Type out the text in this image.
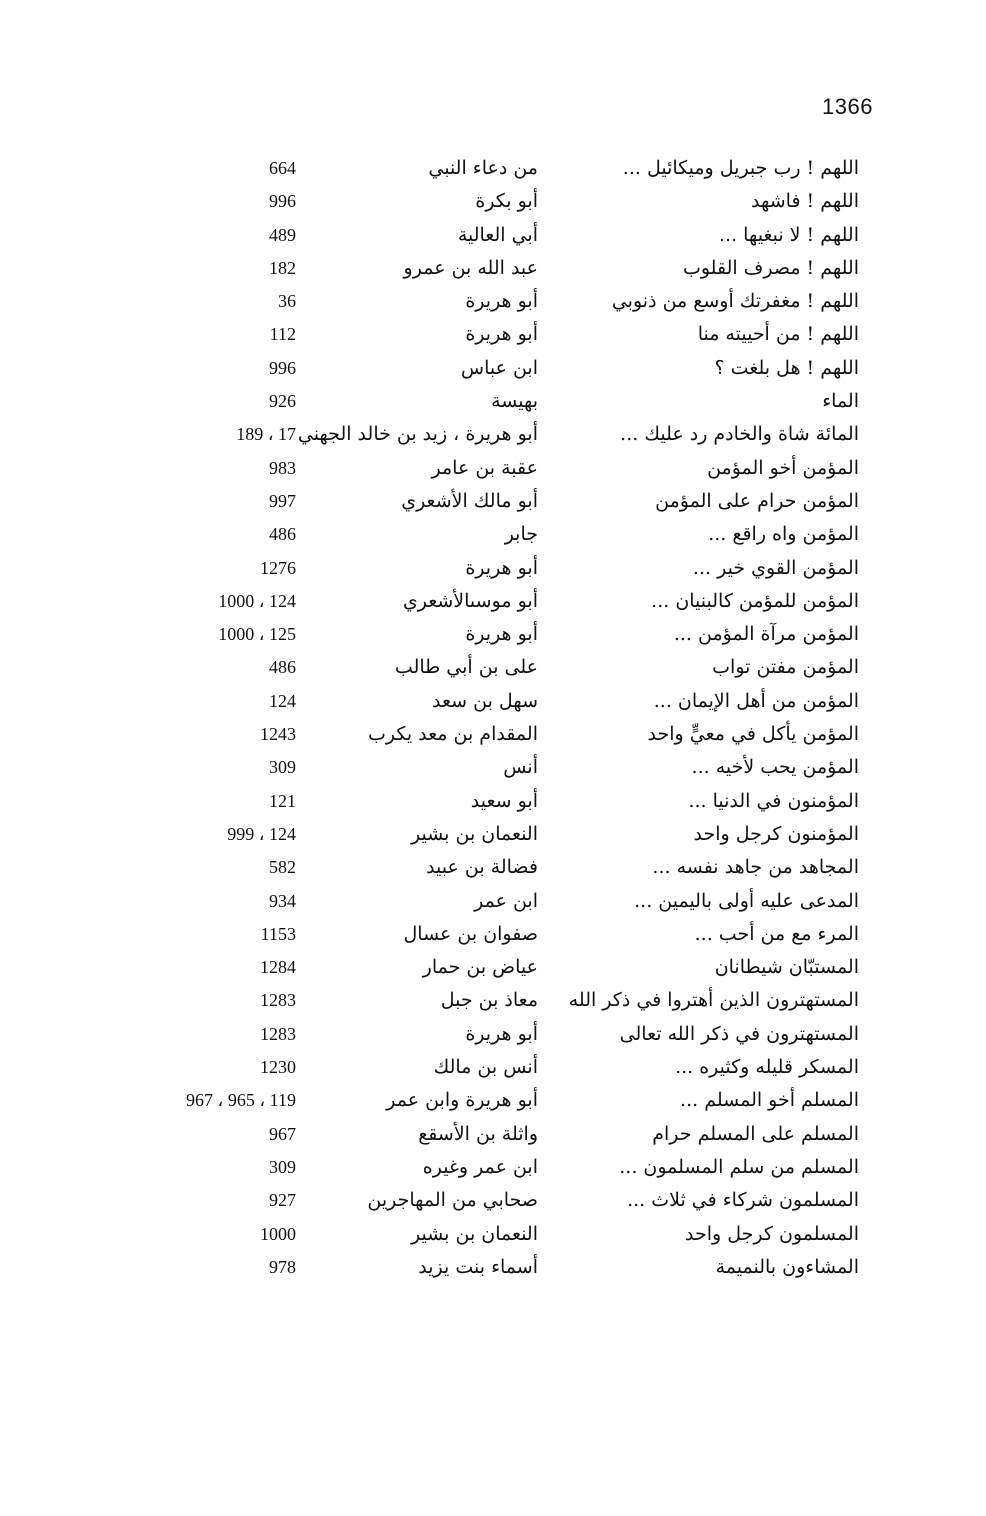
1366
اللهم ! رب جبريل وميكائيل ...
من دعاء النبي
664
اللهم ! فاشهد
أبو بكرة
996
اللهم ! لا نبغيها ...
أبي العالية
489
اللهم ! مصرف القلوب
عبد الله بن عمرو
182
اللهم ! مغفرتك أوسع من ذنوبي
أبو هريرة
36
اللهم ! من أحييته منا
أبو هريرة
112
اللهم ! هل بلغت ؟
ابن عباس
996
الماء
بهيسة
926
المائة شاة والخادم رد عليك ...
أبو هريرة ، زيد بن خالد الجهني
17 ، 189
المؤمن أخو المؤمن
عقبة بن عامر
983
المؤمن حرام على المؤمن
أبو مالك الأشعري
997
المؤمن واه راقع ...
جابر
486
المؤمن القوي خير ...
أبو هريرة
1276
المؤمن للمؤمن كالبنيان ...
أبو موسىالأشعري
124 ، 1000
المؤمن مرآة المؤمن ...
أبو هريرة
125 ، 1000
المؤمن مفتن تواب
على بن أبي طالب
486
المؤمن من أهل الإيمان ...
سهل بن سعد
124
المؤمن يأكل في معيٍّ واحد
المقدام بن معد يكرب
1243
المؤمن يحب لأخيه ...
أنس
309
المؤمنون في الدنيا ...
أبو سعيد
121
المؤمنون كرجل واحد
النعمان بن بشير
124 ، 999
المجاهد من جاهد نفسه ...
فضالة بن عبيد
582
المدعى عليه أولى باليمين ...
ابن عمر
934
المرء مع من أحب ...
صفوان بن عسال
1153
المستبّان شيطانان
عياض بن حمار
1284
المستهترون الذين أهتروا في ذكر الله
معاذ بن جبل
1283
المستهترون في ذكر الله تعالى
أبو هريرة
1283
المسكر قليله وكثيره ...
أنس بن مالك
1230
المسلم أخو المسلم ...
أبو هريرة وابن عمر
119 ، 965 ، 967
المسلم على المسلم حرام
واثلة بن الأسقع
967
المسلم من سلم المسلمون ...
ابن عمر وغيره
309
المسلمون شركاء في ثلاث ...
صحابي من المهاجرين
927
المسلمون كرجل واحد
النعمان بن بشير
1000
المشاءون بالنميمة
أسماء بنت يزيد
978
